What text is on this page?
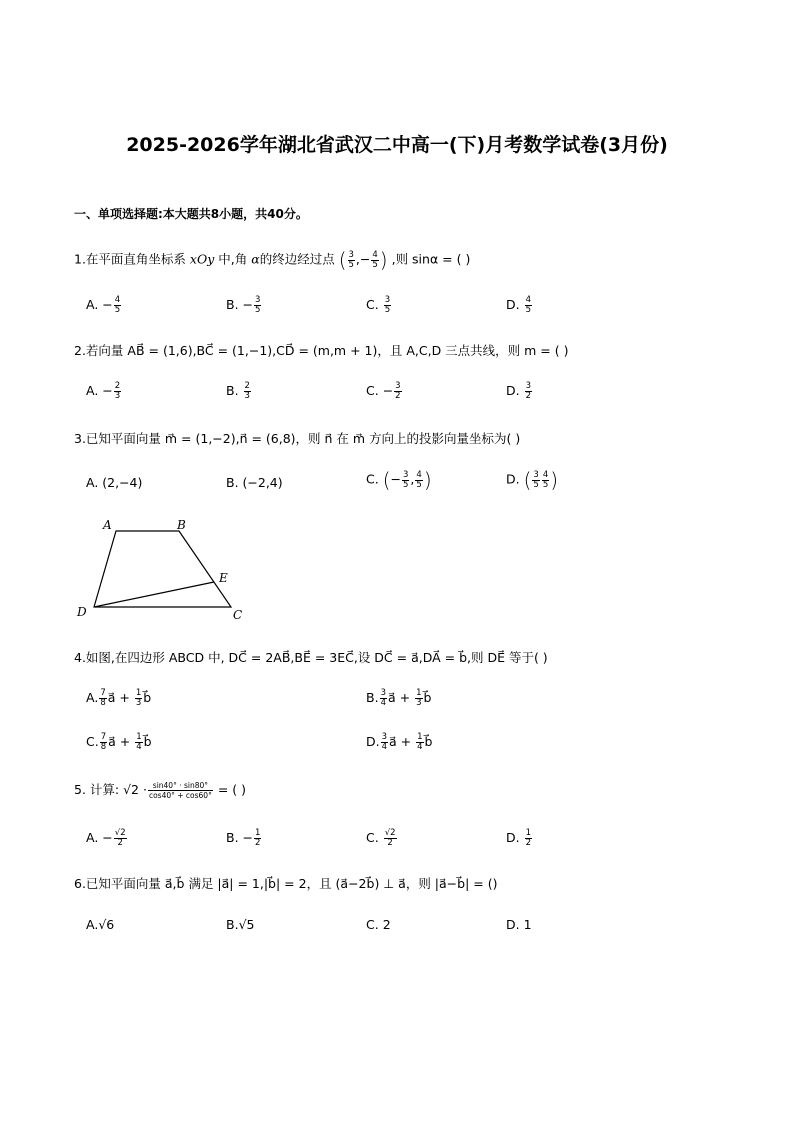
2025-2026学年湖北省武汉二中高一(下)月考数学试卷(3月份)
一、单项选择题:本大题共8小题，共40分。
1.在平面直角坐标系 xOy 中,角 α的终边经过点 ( $\frac{3}{5}$ ,− $\frac{4}{5}$ ) ,则 sinα = ( )
A. − $\frac{4}{5}$	B. − $\frac{3}{5}$	C. $\frac{3}{5}$	D. $\frac{4}{5}$
2.若向量 AB⃗ = (1,6),BC⃗ = (1,−1),CD⃗ = (m,m + 1)，且 A,C,D 三点共线，则 m = ( )
A. − $\frac{2}{3}$	B. $\frac{2}{3}$	C. − $\frac{3}{2}$	D. $\frac{3}{2}$
3.已知平面向量 m⃗ = (1,−2),n⃗ = (6,8)，则 n⃗ 在 m⃗ 方向上的投影向量坐标为( )
A. (2,−4)	B. (−2,4)	C. (− $\frac{3}{5}$ , $\frac{4}{5}$ )	D. ( $\frac{3}{5} \frac{4}{5}$ )
A	B
C
D
E
4.如图,在四边形 ABCD 中, DC⃗ = 2AB⃗,BE⃗ = 3EC⃗,设 DC⃗ = a⃗,DA⃗ = b⃗,则 DE⃗ 等于( )
A. $\frac{7}{8}$ a⃗ + $\frac{1}{3}$ b⃗	B. $\frac{3}{4}$ a⃗ + $\frac{1}{3}$ b⃗
C. $\frac{7}{8}$ a⃗ + $\frac{1}{4}$ b⃗	D. $\frac{3}{4}$ a⃗ + $\frac{1}{4}$ b⃗
5. 计算: $√2 \cdot \frac{\sin 40^\circ \cdot \sin 80^\circ}{\cos 40^\circ + \cos 60^\circ}$ = ( )
A. − $\frac{√2}{2}$	B. − $\frac{1}{2}$	C. $\frac{√2}{2}$	D. $\frac{1}{2}$
6.已知平面向量 a⃗,b⃗ 满足 |a⃗| = 1,|b⃗| = 2，且 (a⃗−2b⃗) ⊥ a⃗，则 |a⃗−b⃗| = ()
A.√6	B.√5	C. 2	D. 1
